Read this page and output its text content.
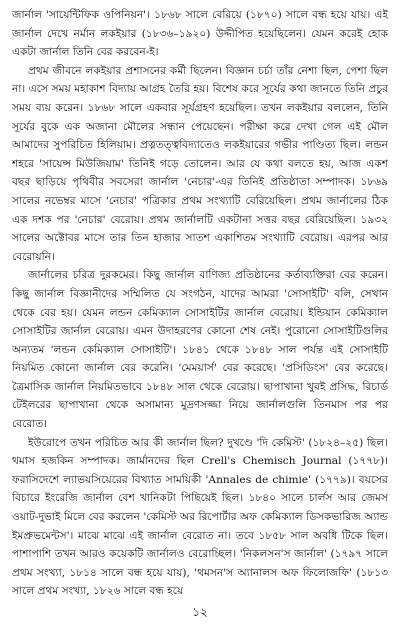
জার্নাল 'সায়েন্টিফিক ওপিনিয়ন'। ১৮৬৮ সালে বেরিয়ে (১৮৭০) সালে বন্ধ হয়ে যায়। এই জার্নাল দেখে নর্মান লকইয়ার (১৮৩৬–১৯২০) উদ্দীপিত হয়েছিলেন। যেমন করেই হোক একটা জার্নাল তিনি বের করবেন-ই।

প্রথম জীবনে লকইয়ার প্রশাসনের কর্মী ছিলেন। বিজ্ঞান চর্চা তাঁর নেশা ছিল, পেশা ছিল না। এসে সময় মহাকাশ বিদ্যায় আগ্রহ তৈরি হয়। বিশেষ করে সূর্যের কথা জানতে তিনি প্রচুর সময় ব্যয় করেন। ১৮৬৮ সালে একবার সূর্যগ্রহণ হয়েছিল। তখন লকইয়ার বললেন, তিনি সূর্যের বুকে এক অজানা মৌলের সন্ধান পেয়েছেন। পরীক্ষা করে দেখা গেল এই মৌল আমাদের সুপরিচিত হিলিয়াম। প্রত্নতত্ত্ববিদ্যাতেও লকইয়ারের গভীর পাণ্ডিত্য ছিল। লন্ডন শহরে 'সায়েন্স মিউজিয়াম' তিনিই গড়ে তোলেন। আর যে কথা বলতে হয়, আজ একশ বছর ছাড়িয়ে পৃথিবীর সবসেরা জার্নাল 'নেচার'-এর তিনিই প্রতিষ্ঠাতা সম্পাদক। ১৮৬৯ সালের নভেম্বর মাসে 'নেচার' পত্রিকার প্রথম সংখ্যাটি বেরিয়েছিল। প্রথম জার্নালের ঠিক এক দশক পর 'নেচার' বেরোয়। প্রথম জার্নালটি একটানা সত্তর বছর বেরিয়েছিল। ১৯৩২ সালের অক্টোবর মাসে তার তিন হাজার সাতশ একাশিতম সংখ্যাটি বেরোয়। এরপর আর বেরোয়নি।

জার্নালের চরিত্র দুরকমের। কিছু জার্নাল বাণিজ্য প্রতিষ্ঠানের কর্তাব্যক্তিরা বের করেন। কিছু জার্নাল বিজ্ঞানীদের সম্মিলিত যে সংগঠন, যাদের আমরা 'সোসাইটি' বলি, সেখান থেকে বের হয়। যেমন লন্ডন কেমিক্যাল সোসাইটির জার্নাল বেরোয়। ইন্ডিয়ান কেমিক্যাল সোসাইটির জার্নাল বেরোয়। এমন উদাহরণের কোনো শেষ নেই। পুরোনো সোসাইটিগুলির অন্যতম 'লন্ডন কেমিক্যাল সোসাইটি'। ১৮৪১ থেকে ১৮৪৮ সাল পর্যন্ত এই সোসাইটি নিয়মিত কোনো জার্নাল বের করেনি। 'মেময়ার্স' বের করেছে। 'প্রসিডিংস' বের করেছে। ত্রৈমাসিক জার্নাল নিয়মিতভাবে ১৮৪৮ সাল থেকে বেরোয়। ছাপাখানা খুবই প্রসিদ্ধ, রিচার্ড টেইলরের ছাপাখানা থেকে অসামান্য মুদ্রণসজ্জা নিয়ে জার্নালগুলি তিনমাস পর পর বেরোত।

ইউরোপে তখন পরিচিত আর কী জার্নাল ছিল? দুখণ্ডে 'দি কেমিস্ট' (১৮২৪–২৫) ছিল। থমাস হজকিন সম্পাদক। জার্মানদের ছিল Crell's Chemisch Journal (১৭৭৮)। ফরাসিদেশে ল্যাভয়সিয়েরের বিখ্যাত সাময়িকী 'Annales de chimie' (১৭৭৯)। বয়সের বিচারে ইংরেজি জার্নাল বেশ খানিকটা পিছিয়েই ছিল। ১৮৪০ সালে চার্লস আর জেমস ওয়াট-দুভাই মিলে বের করলেন 'কেমিস্ট অর রিপোর্টার অফ কেমিক্যাল ডিসকভারিজ অ্যান্ড ইমপ্রুভমেন্টস'। মাঝে মাঝে এই জার্নাল বেরোত না। তবে ১৮৫৮ সাল অবধি টিকে ছিল। পাশাপাশি তখন আরও কয়েকটি জার্নালও বেরোচ্ছিল। 'নিকলসন'স জার্নাল' (১৭৯৭ সালে প্রথম সংখ্যা, ১৮১৪ সালে বন্ধ হয়ে যায়), 'থমসন'স অ্যানালস অফ ফিলোজফি' (১৮১৩ সালে প্রথম সংখ্যা, ১৮২৬ সালে বন্ধ হয়ে

১২
